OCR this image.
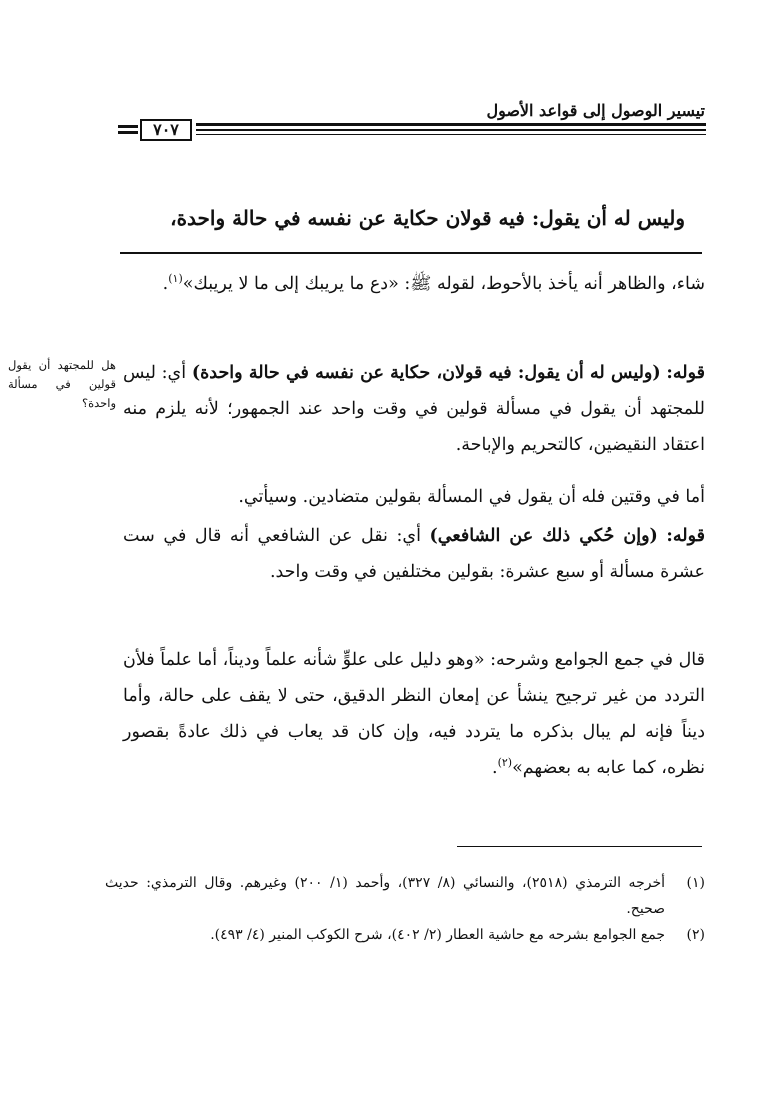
تيسير الوصول إلى قواعد الأصول
٧٠٧
وليس له أن يقول: فيه قولان حكاية عن نفسه في حالة واحدة،
هل للمجتهد أن يقول قولين في مسألة واحدة؟
شاء، والظاهر أنه يأخذ بالأحوط، لقوله ﷺ: «دع ما يريبك إلى ما لا يريبك»$^{(١)}$.
قوله: (وليس له أن يقول: فيه قولان، حكاية عن نفسه في حالة واحدة) أي: ليس للمجتهد أن يقول في مسألة قولين في وقت واحد عند الجمهور؛ لأنه يلزم منه اعتقاد النقيضين، كالتحريم والإباحة.
أما في وقتين فله أن يقول في المسألة بقولين متضادين. وسيأتي.
قوله: (وإن حُكي ذلك عن الشافعي) أي: نقل عن الشافعي أنه قال في ست عشرة مسألة أو سبع عشرة: بقولين مختلفين في وقت واحد.
قال في جمع الجوامع وشرحه: «وهو دليل على علوٍّ شأنه علماً وديناً، أما علماً فلأن التردد من غير ترجيح ينشأ عن إمعان النظر الدقيق، حتى لا يقف على حالة، وأما ديناً فإنه لم يبال بذكره ما يتردد فيه، وإن كان قد يعاب في ذلك عادةً بقصور نظره، كما عابه به بعضهم»$^{(٢)}$.
(١)
أخرجه الترمذي (٢٥١٨)، والنسائي (٨/ ٣٢٧)، وأحمد (١/ ٢٠٠) وغيرهم. وقال الترمذي: حديث صحيح.
(٢)
جمع الجوامع بشرحه مع حاشية العطار (٢/ ٤٠٢)، شرح الكوكب المنير (٤/ ٤٩٣).
